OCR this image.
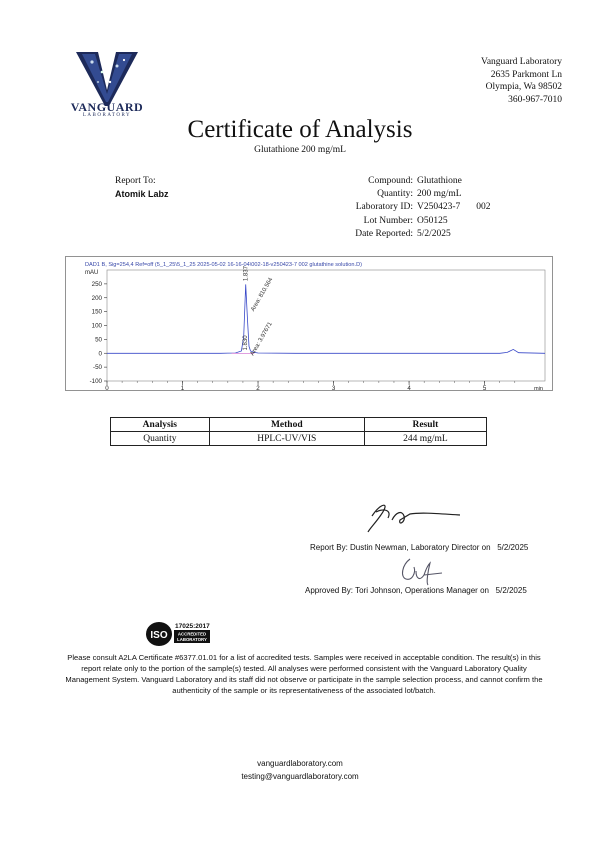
VANGUARD
LABORATORY
Vanguard Laboratory
2635 Parkmont Ln
Olympia, Wa 98502
360-967-7010
Certificate of Analysis
Glutathione 200 mg/mL
Report To:
Atomik Labz
Compound: Glutathione
Quantity: 200 mg/mL
Laboratory ID: V250423-7 002
Lot Number: O50125
Date Reported: 5/2/2025
DAD1 B, Sig=254,4 Ref=off (5_1_25\5_1_25 2025-05-02 16-16-04\002-18-v250423-7 002 glutathine solution.D)
mAU
-100
-50
0
50
100
150
200
250
0	1	2	3	4	5	min
1.837
Area: 810.564
1.830 Area: 3.97671
Analysis	Method	Result
Quantity	HPLC-UV/VIS	244 mg/mL
Report By: Dustin Newman, Laboratory Director on 5/2/2025
Approved By: Tori Johnson, Operations Manager on 5/2/2025
ISO
17025:2017
ACCREDITED
LABORATORY
Please consult A2LA Certificate #6377.01.01 for a list of accredited tests. Samples were received in acceptable condition. The result(s) in this report relate only to the portion of the sample(s) tested. All analyses were performed consistent with the Vanguard Laboratory Quality Management System. Vanguard Laboratory and its staff did not observe or participate in the sample selection process, and cannot confirm the authenticity of the sample or its representativeness of the associated lot/batch.
vanguardlaboratory.com
testing@vanguardlaboratory.com
